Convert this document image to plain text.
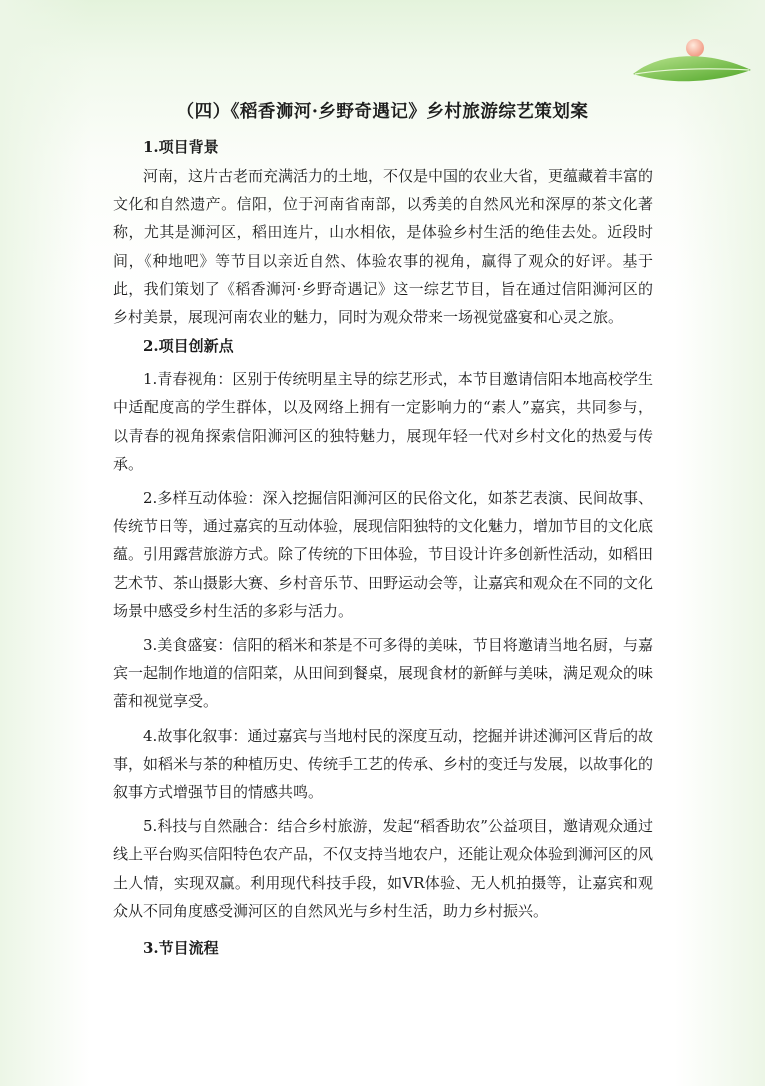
（四）《稻香浉河·乡野奇遇记》乡村旅游综艺策划案
1.项目背景

河南，这片古老而充满活力的土地，不仅是中国的农业大省，更蕴藏着丰富的文化和自然遗产。信阳，位于河南省南部，以秀美的自然风光和深厚的茶文化著称，尤其是浉河区，稻田连片，山水相依，是体验乡村生活的绝佳去处。近段时间，《种地吧》等节目以亲近自然、体验农事的视角，赢得了观众的好评。基于此，我们策划了《稻香浉河·乡野奇遇记》这一综艺节目，旨在通过信阳浉河区的乡村美景，展现河南农业的魅力，同时为观众带来一场视觉盛宴和心灵之旅。

2.项目创新点

1.青春视角：区别于传统明星主导的综艺形式，本节目邀请信阳本地高校学生中适配度高的学生群体，以及网络上拥有一定影响力的“素人”嘉宾，共同参与，以青春的视角探索信阳浉河区的独特魅力，展现年轻一代对乡村文化的热爱与传承。

2.多样互动体验：深入挖掘信阳浉河区的民俗文化，如茶艺表演、民间故事、传统节日等，通过嘉宾的互动体验，展现信阳独特的文化魅力，增加节目的文化底蕴。引用露营旅游方式。除了传统的下田体验，节目设计许多创新性活动，如稻田艺术节、茶山摄影大赛、乡村音乐节、田野运动会等，让嘉宾和观众在不同的文化场景中感受乡村生活的多彩与活力。

3.美食盛宴：信阳的稻米和茶是不可多得的美味，节目将邀请当地名厨，与嘉宾一起制作地道的信阳菜，从田间到餐桌，展现食材的新鲜与美味，满足观众的味蕾和视觉享受。

4.故事化叙事：通过嘉宾与当地村民的深度互动，挖掘并讲述浉河区背后的故事，如稻米与茶的种植历史、传统手工艺的传承、乡村的变迁与发展，以故事化的叙事方式增强节目的情感共鸣。

5.科技与自然融合：结合乡村旅游，发起“稻香助农”公益项目，邀请观众通过线上平台购买信阳特色农产品，不仅支持当地农户，还能让观众体验到浉河区的风土人情，实现双赢。利用现代科技手段，如VR体验、无人机拍摄等，让嘉宾和观众从不同角度感受浉河区的自然风光与乡村生活，助力乡村振兴。

3.节目流程
